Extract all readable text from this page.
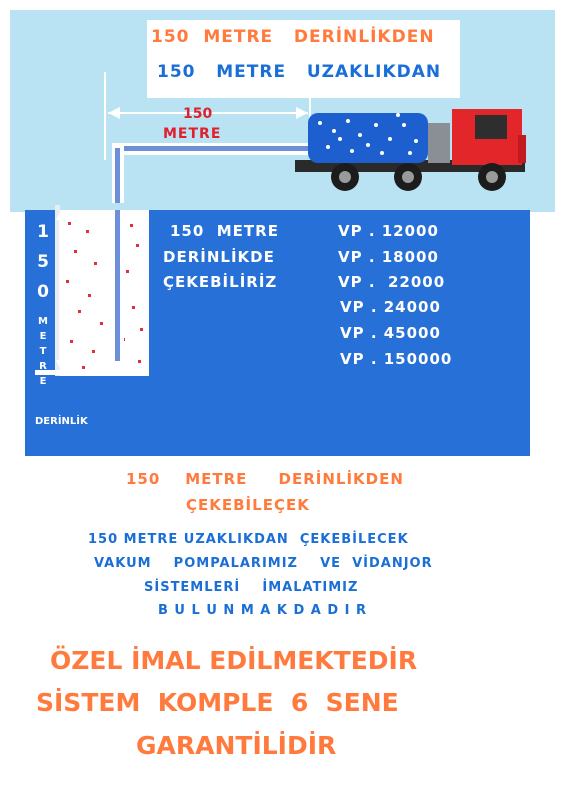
150  METRE   DERİNLİKDEN
150   METRE   UZAKLIKDAN
150
METRE
1
5
0
M
E
T
R
E
DERİNLİK
150  METRE
DERİNLİKDE
ÇEKEBİLİRİZ
VP . 12000
VP . 18000
VP .  22000
VP . 24000
VP . 45000
VP . 150000
150    METRE     DERİNLİKDEN
ÇEKEBİLEÇEK
150 METRE UZAKLIKDAN  ÇEKEBİLECEK
VAKUM    POMPALARIMIZ    VE  VİDANJOR
SİSTEMLERİ    İMALATIMIZ
B U L U N M A K D A D I R
ÖZEL İMAL EDİLMEKTEDİR
SİSTEM  KOMPLE  6  SENE
GARANTİLİDİR
